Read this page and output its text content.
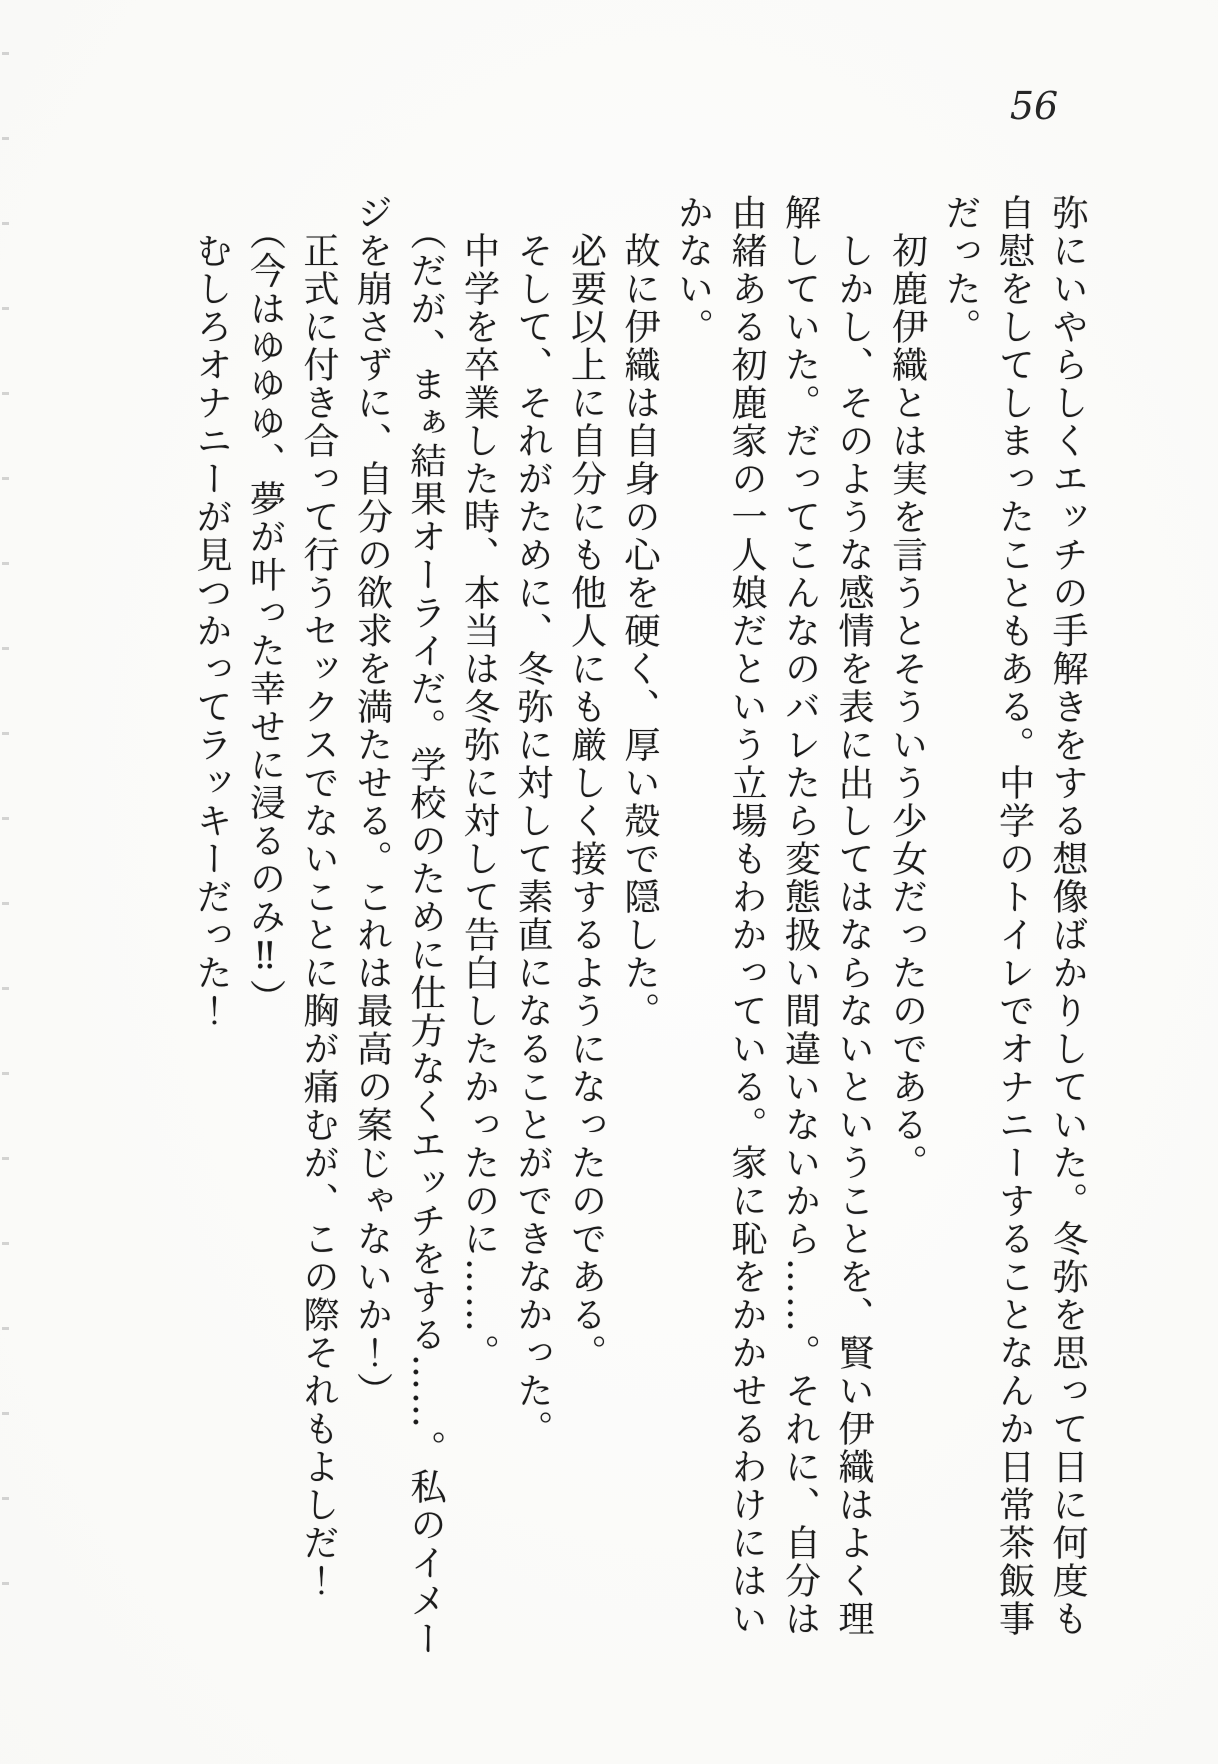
56
弥にいやらしくエッチの手解きをする想像ばかりしていた。冬弥を思って日に何度も
自慰をしてしまったこともある。中学のトイレでオナニーすることなんか日常茶飯事
だった。
　初鹿伊織とは実を言うとそういう少女だったのである。
　しかし、そのような感情を表に出してはならないということを、賢い伊織はよく理
解していた。だってこんなのバレたら変態扱い間違いないから……。それに、自分は
由緒ある初鹿家の一人娘だという立場もわかっている。家に恥をかかせるわけにはい
かない。
　故に伊織は自身の心を硬く、厚い殻で隠した。
　必要以上に自分にも他人にも厳しく接するようになったのである。
　そして、それがために、冬弥に対して素直になることができなかった。
　中学を卒業した時、本当は冬弥に対して告白したかったのに……。
　（だが、まぁ結果オーライだ。学校のために仕方なくエッチをする……。私のイメー
ジを崩さずに、自分の欲求を満たせる。これは最高の案じゃないか！）
　正式に付き合って行うセックスでないことに胸が痛むが、この際それもよしだ！
　（今はゆゆゆ、夢が叶った幸せに浸るのみ‼）
　むしろオナニーが見つかってラッキーだった！
